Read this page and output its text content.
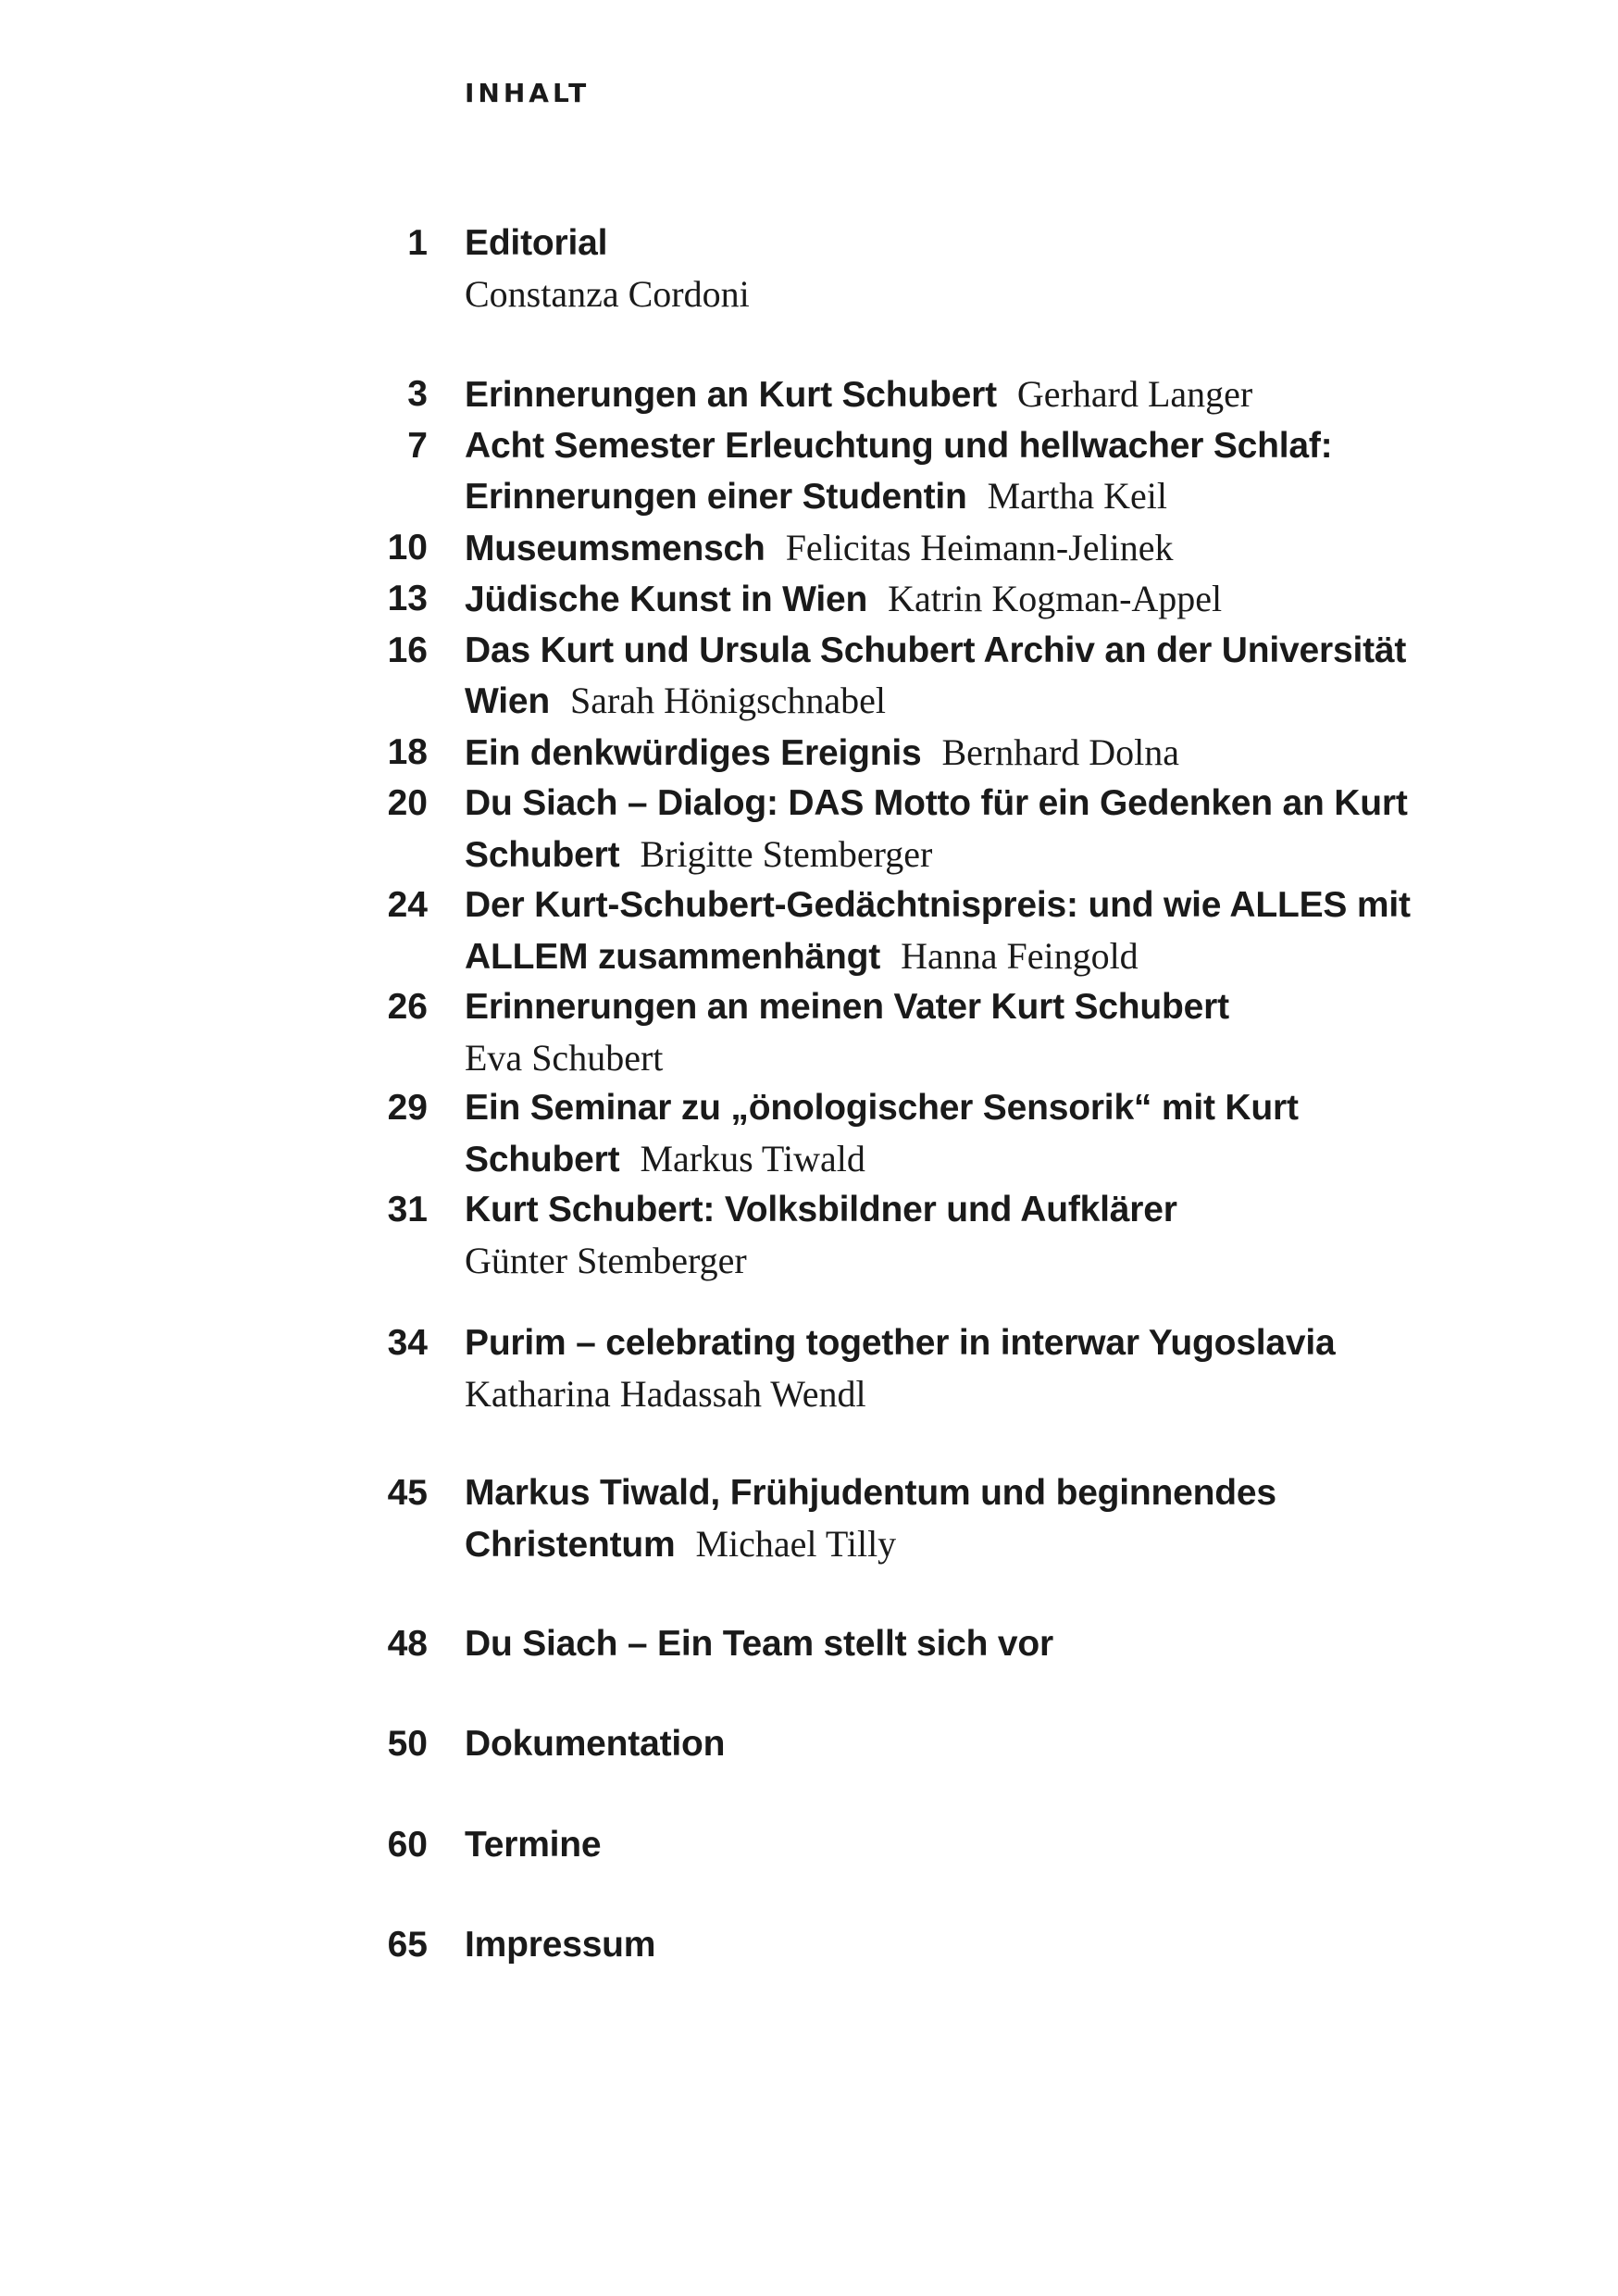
INHALT
1 Editorial
Constanza Cordoni
3 Erinnerungen an Kurt Schubert Gerhard Langer
7 Acht Semester Erleuchtung und hellwacher Schlaf: Erinnerungen einer Studentin Martha Keil
10 Museumsmensch Felicitas Heimann-Jelinek
13 Jüdische Kunst in Wien Katrin Kogman-Appel
16 Das Kurt und Ursula Schubert Archiv an der Universität Wien Sarah Hönigschnabel
18 Ein denkwürdiges Ereignis Bernhard Dolna
20 Du Siach – Dialog: DAS Motto für ein Gedenken an Kurt Schubert Brigitte Stemberger
24 Der Kurt-Schubert-Gedächtnispreis: und wie ALLES mit ALLEM zusammenhängt Hanna Feingold
26 Erinnerungen an meinen Vater Kurt Schubert
Eva Schubert
29 Ein Seminar zu „önologischer Sensorik“ mit Kurt Schubert Markus Tiwald
31 Kurt Schubert: Volksbildner und Aufklärer
Günter Stemberger
34 Purim – celebrating together in interwar Yugoslavia
Katharina Hadassah Wendl
45 Markus Tiwald, Frühjudentum und beginnendes Christentum Michael Tilly
48 Du Siach – Ein Team stellt sich vor
50 Dokumentation
60 Termine
65 Impressum
